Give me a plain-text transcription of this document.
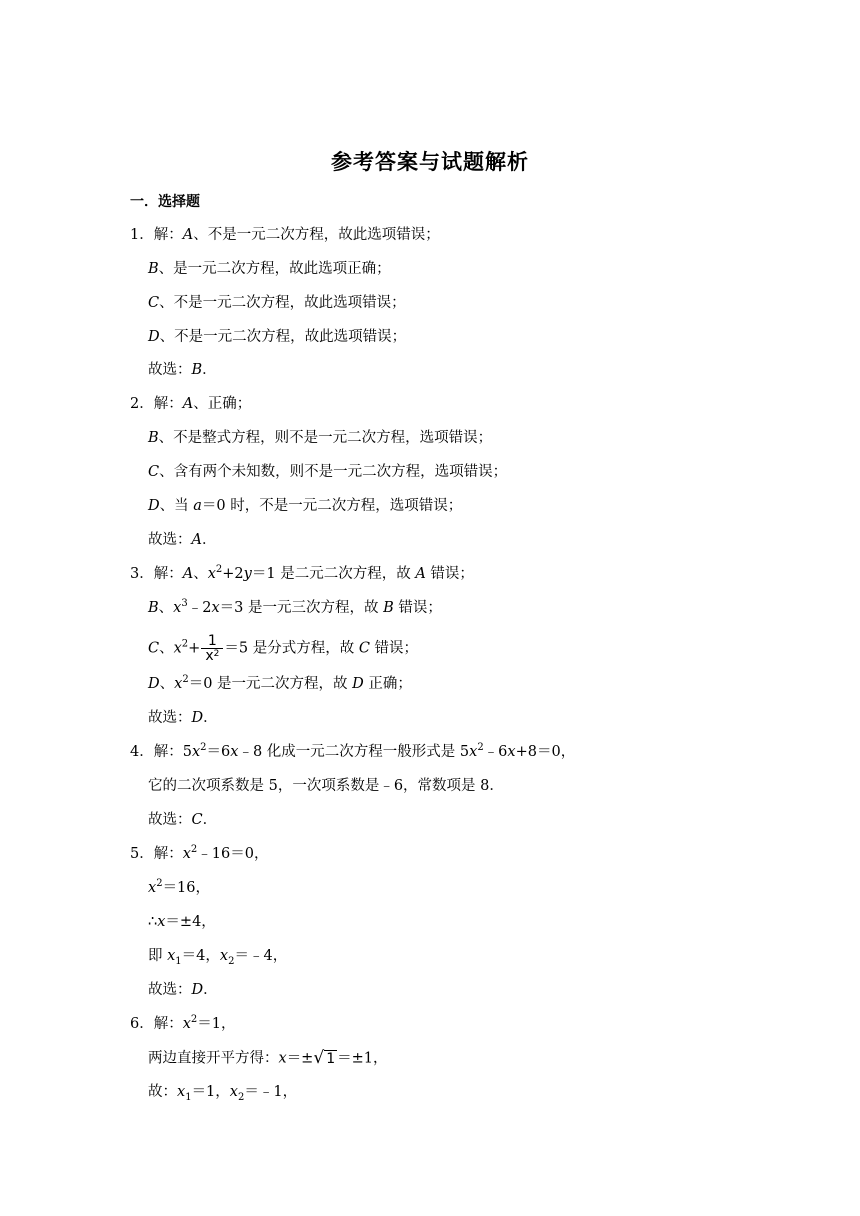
参考答案与试题解析
一．选择题
1．解：A、不是一元二次方程，故此选项错误；
B、是一元二次方程，故此选项正确；
C、不是一元二次方程，故此选项错误；
D、不是一元二次方程，故此选项错误；
故选：B．
2．解：A、正确；
B、不是整式方程，则不是一元二次方程，选项错误；
C、含有两个未知数，则不是一元二次方程，选项错误；
D、当 a＝0 时，不是一元二次方程，选项错误；
故选：A．
3．解：A、$x^2+2y=1$ 是二元二次方程，故 A 错误；
B、$x^3﹣2x=3$ 是一元三次方程，故 B 错误；
C、$x^2+ \frac{1}{x^2} =5$ 是分式方程，故 C 错误；
D、$x^2=0$ 是一元二次方程，故 D 正确；
故选：D．
4．解：$5x^2=6x﹣8$ 化成一元二次方程一般形式是 $5x^2﹣6x+8=0$，
它的二次项系数是 5，一次项系数是﹣6，常数项是 8．
故选：C．
5．解：$x^2﹣16=0$，
$x^2=16$，
∴x＝±4，
即 $x_1=4$，$x_2=﹣4$，
故选：D．
6．解：$x^2=1$，
两边直接开平方得：x＝±√ 1 ＝±1，
故：$x_1=1$，$x_2=﹣1$，
